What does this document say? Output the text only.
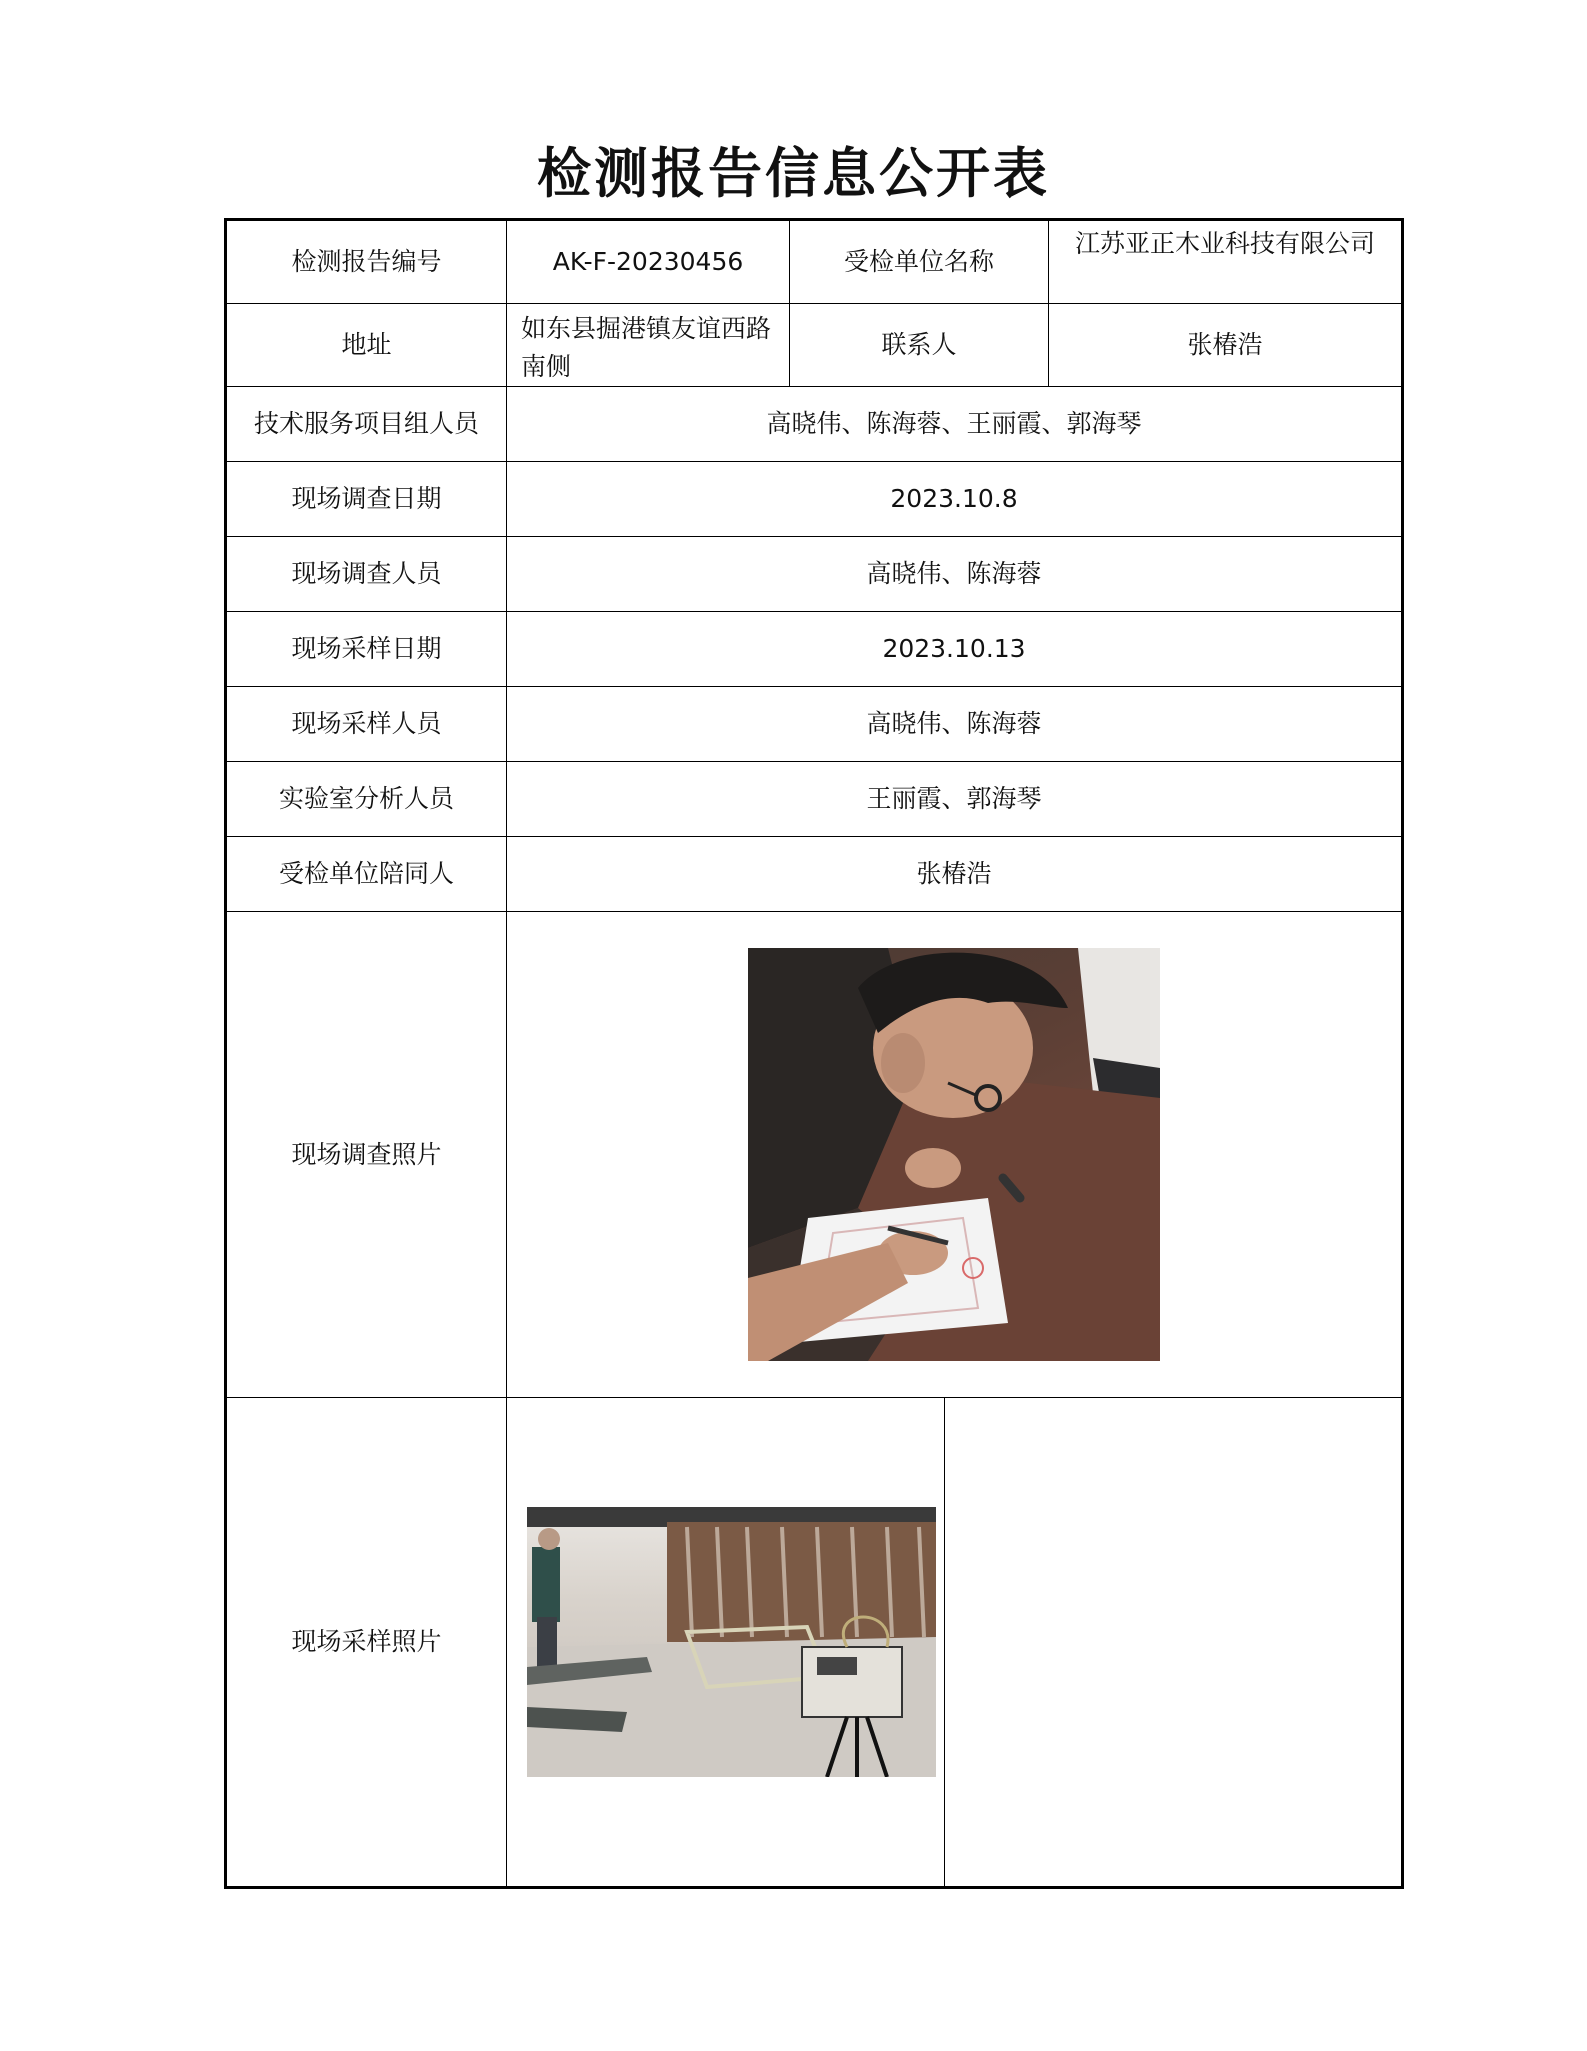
检测报告信息公开表
检测报告编号	AK-F-20230456	受检单位名称		江苏亚正木业科技有限公司
地址	如东县掘港镇友谊西路南侧	联系人		张椿浩
技术服务项目组人员	高晓伟、陈海蓉、王丽霞、郭海琴			
现场调查日期	2023.10.8			
现场调查人员	高晓伟、陈海蓉			
现场采样日期	2023.10.13			
现场采样人员	高晓伟、陈海蓉			
实验室分析人员	王丽霞、郭海琴			
受检单位陪同人	张椿浩			
现场调查照片	

现场采样照片	
